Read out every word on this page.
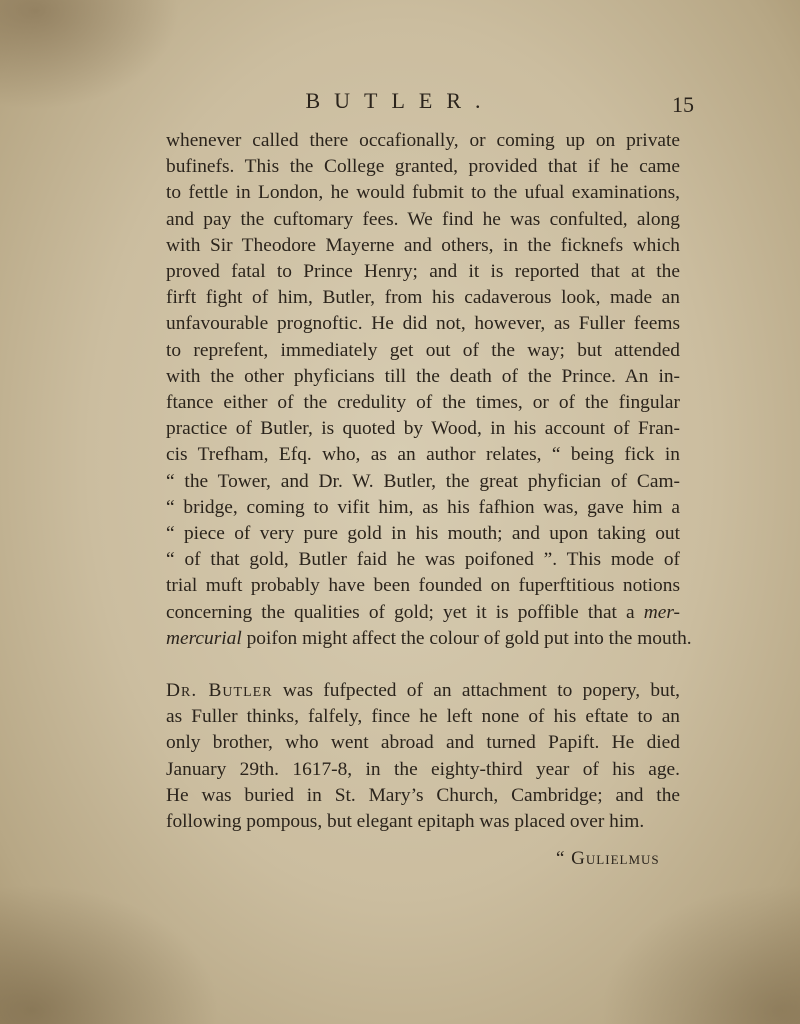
BUTLER.	15
whenever called there occafionally, or coming up on private
bufinefs. This the College granted, provided that if he came
to fettle in London, he would fubmit to the ufual examinations,
and pay the cuftomary fees. We find he was confulted, along
with Sir Theodore Mayerne and others, in the ficknefs which
proved fatal to Prince Henry; and it is reported that at the
firft fight of him, Butler, from his cadaverous look, made an
unfavourable prognoftic. He did not, however, as Fuller feems
to reprefent, immediately get out of the way; but attended
with the other phyficians till the death of the Prince. An in-
ftance either of the credulity of the times, or of the fingular
practice of Butler, is quoted by Wood, in his account of Fran-
cis Trefham, Efq. who, as an author relates, “ being fick in
“ the Tower, and Dr. W. Butler, the great phyfician of Cam-
“ bridge, coming to vifit him, as his fafhion was, gave him a
“ piece of very pure gold in his mouth; and upon taking out
“ of that gold, Butler faid he was poifoned ”. This mode of
trial muft probably have been founded on fuperftitious notions
concerning the qualities of gold; yet it is poffible that a mer-
mercurial poifon might affect the colour of gold put into the mouth.
Dr. Butler was fufpected of an attachment to popery, but,
as Fuller thinks, falfely, fince he left none of his eftate to an
only brother, who went abroad and turned Papift. He died
January 29th. 1617-8, in the eighty-third year of his age.
He was buried in St. Mary’s Church, Cambridge; and the
following pompous, but elegant epitaph was placed over him.
“ Gulielmus
